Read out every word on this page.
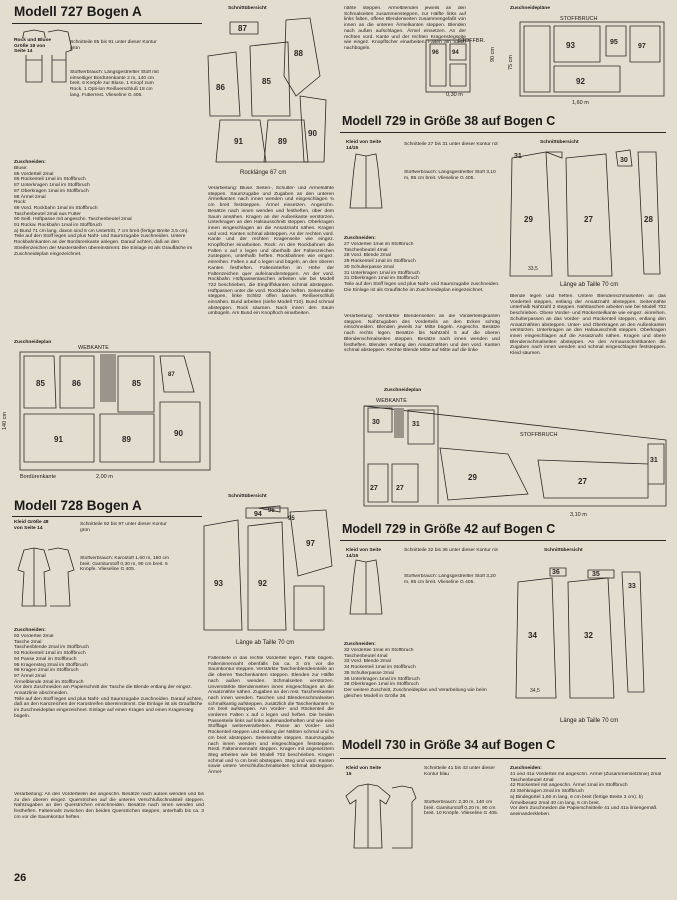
Modell 727 Bogen A
Rock und Bluse Größe 18 von Seite 14
Schnitteile 85 bis 91 unter dieser Kontur grün
Stoffverbrauch: Längsgestreifter Stoff mit einseitiger Bordürenkante 2 m, 140 cm breit. 6 Knöpfe zur Bluse, 1 Knopf zum Rock. 1 Opti-lon Reißverschluß 18 cm lang. Futterrest. Vlieseline G 405.
Zuschneiden:
Bluse:
85 Vorderteil 2mal
86 Rückenteil 1mal im Stoffbruch
87 Unterkragen 1mal im Stoffbruch
87 Oberkragen 1mal im Stoffbruch
88 Ärmel 2mal
Rock:
89 Vord. Rockbahn 1mal im Stoffbruch
Taschenbeutel 2mal aus Futter
90 Seitl. Hüftpasse mit angeschn. Taschenbeutel 2mal
91 Rückw. Rockbahn 1mal im Stoffbruch
a) Bund 71 cm lang, davon sind 5 cm Untertritt, 7 cm breit (fertige Breite 3,5 cm).
Teile auf den Stoff legen und plus Naht- und Saumzugabe zuschneiden. Untere Rockbahnkanten an der Bordürenkante anlegen. Darauf achten, daß an den Streifenzeichen der Mustersteifen übereinstimmt. Die Einlage ist als Graufläche im Zuschneideplan eingezeichnet.
Zuschneideplan
WEBKANTE
85	86	85
87
91	89
90
140 cm
Bordürenkante	2,00 m
Schnittübersicht
87
86
85
88
91	89
90
Rocklänge 67 cm
Verarbeitung: Bluse: Seiten-, Schulter- und Ärmelnähte steppen. Saumzugabe und Zugaben an den unteren Ärmelkanten nach innen wenden und eingeschlagen ¾ cm breit feststeppen. Ärmel einsetzen. Angeschn. Besätze nach innen wenden und festheften, über dem Saum annähen. Kragen an der Außenkante verstürzen. Unterkragen an den Halsausschnitt steppen. Oberkragen innen eingeschlagen an die Ansatznaht nähen. Kragen und vord. Kanten schmal absteppen. An der rechten vord. Kante und der rechten Kragenseite wie eingez. Knopflöcher einarbeiten. Rock: An den Rockbahnen die Falten x auf x legen und oberhalb der Faltenzeichen zusteppen, unterhalb heften. Rockbahnen wie eingez. einreihen. Falten x auf o legen und bügeln, an den oberen Kanten festheften. Falteninterfen im Höhe der Faltenzeichen quer aufeinandersteppen. An der vord. Rockbahn Hüftpassentaschen arbeiten wie bei Modell 722 beschrieben, die Eingriffskanten schmal absteppen. Hüftpassen unter die vord. Rockbahn heften. Seitennähte steppen, linke Schlitz offen lassen. Reißverschluß einnähen. Bund arbeiten (siehe Modell 710). Bund schmal absteppen. Rock säumen. Nach innen den Saum umbügeln. Am Bund ein Knopfloch einarbeiten.
Modell 728 Bogen A
Kleid Größe 48 von Seite 14
Schnitteile 92 bis 97 unter dieser Kontur grün
Stoffverbrauch: Karostoff 1,60 m, 150 cm breit. Garniturstoff 0,30 m, 90 cm breit. 6 Knöpfe. Vlieseline G 405.
Zuschneiden:
92 Vorderteil 2mal
Tasche 2mal
Taschenblende 2mal im Stoffbruch
93 Rückenteil 1mal im Stoffbruch
94 Passe 2mal im Stoffbruch
95 Kragensteg 2mal im Stoffbruch
96 Kragen 2mal im Stoffbruch
97 Ärmel 2mal
Ärmelblende 2mal im Stoffbruch
Vor dem Zuschneiden am Papierschnitt der Tasche die Blende entlang der eingez. Ansatzlinie abschneiden.
Teile auf den Stoff legen und plus Naht- und Saumzugabe zuschneiden. Darauf achten, daß an den Karozeichen der Karostreifen übereinstimmt. Die Einlage ist als Graufläche im Zuschneideplan eingezeichnet. Einlage auf einen Kragen und einen Kragensteg bügeln.
Verarbeitung: An den Vorderteilen die angeschn. Besätze nach außen wenden und bis zu den oberen eingez. Querstrichen auf die unteren Verschlußschnalsteil steppen. Nahtzugaben an den Querstrichen einschneiden. Besätze nach innen wenden und festheften. Faltennaht zwischen den beiden Querstrichen steppen, unterhalb bis ca. 3 cm vor die Saumkontur heften.
Schnittübersicht
93	92
94 96
95
97
Länge ab Taille 70 cm
Faltentiefe in das rechte Vorderteil legen. Falte bügeln. Falteninnennaht ebenfalls bis ca. 3 cm vor die Saumkontur steppen. Verstärkte Taschenblendennteile an die oberen Taschenkanten steppen. Blenden zur Hälfte nach außen wenden. Schmalseiten verstürzen. Unverstärkte Blendenseiten innen eingeschlagen an die Ansatznähte nähen. Zugaben an den rest. Taschenkanten nach innen wenden. Taschen und Blendenschmalseiten schmalkantig aufsteppen, zusätzlich die Taschenkanten ¾ cm breit aufsteppen. Am Vorder- und Rückenteil die vorderen Falten x auf o legen und heften. Die beiden Passenteile links auf links aufeinanderheften und wie eine Stofflage weiterverarbeiten. Passe an Vorder- und Rückenteil steppen und entlang der Nähten schmal und ¾ cm breit absteppen. Seitennähte steppen. Saumzugabe nach innen wenden und eingeschlagen feststeppen. Restl. Falteninnennaht steppen. Kragen mit angesetztem Steg arbeiten wie bei Modell 702 beschrieben. Kragen schmal und ¾ cm breit absteppen. Steg und vord. Kanten sowie untere Verschlußschmalseiten schmal absteppen. Ärmel-
26
nähte steppen. Ärmelblenden jeweils an den Schmalseiten zusammensteppen, zur Hälfte links auf links falten, offene Blendenseiten zusammengefaßt von innen an die unteren Ärmelkanten steppen. Blenden nach außen aufschlagen. Ärmel einsetzen. An der rechten vord. Kante und der rechten Kragenstegseite wie eingez. Knopflöcher einarbeiten. Falten am Saum nachbügeln.
96 94
STOFFBR.
0,30 m
Zuschneidepläne
STOFFBRUCH
93	95
97
92
75 cm
1,60 m
90 cm
Modell 729 in Größe 38 auf Bogen C
Kleid von Seite 14/15
Schnitteile 27 bis 31 unter dieser Kontur rot
Stoffverbrauch: Längsgestreifter Stoff 3,10 m, 85 cm breit. Vlieseline G 405.
Zuschneiden:
27 Vorderteil 1mal im Stoffbruch
Taschenbeutel 4mal
28 Vord. Blende 2mal
29 Rückenteil 1mal im Stoffbruch
30 Schulterpasse 2mal
31 Unterkragen 1mal im Stoffbruch
31 Oberkragen 1mal im Stoffbruch
Teile auf den Stoff legen und plus Naht- und Saumzugabe zuschneiden. Die Einlage ist als Graufläche im Zuschneideplan eingezeichnet.
Verarbeitung: Verstärkte Blendenseiten an die Vorderteilsgkanten steppen. Nahtzugaben des Vorderteils an den Ecken schräg einschneiden. Blenden jeweils zur Mitte bügeln. Angeschn. Besätze nach rechts legen. Besätze bis Nahtzahl 5 auf die oberen Blendenschmalseiten steppen. Besätze nach innen wenden und festheften. Blenden entlang den Ansatznähten und den vord. Kanten schmal absteppen. Rechte Blende Mitte auf Mitte auf die linke
Schnittübersicht
31
29	27
30
28
33,5
Länge ab Taille 70 cm
Blende legen und heften. Untere Blendenschmalseiten an das Vorderteil steppen, entlang der Ansatznaht absteppen. Seitennähte unterhalb Nahtzahl 2 steppen. Nahttaschen arbeiten wie bei Modell 702 beschrieben. Obere Vorder- und Rückenteilkante wie eingez. einreihen. Schulterpassen an das Vorder- und Rückenteil steppen, entlang den Ansatznähten absteppen. Unter- und Oberkragen an den Außenkanten verstürzen. Unterkragen an den Halsausschnitt steppen. Oberkragen innen eingeschlagen auf die Ansatznaht nähen. Kragen und obere Blendenschmalseiten absteppen. An den Armausschnittkanten die Zugaben nach innen wenden und schmal eingeschlagen feststeppen. Kleid säumen.
Zuschneideplan
WEBKANTE
30	31
27	27
29	27
31
STOFFBRUCH
3,10 m
Modell 729 in Größe 42 auf Bogen C
Kleid von Seite 14/15
Schnitteile 32 bis 36 unter dieser Kontur rot
Stoffverbrauch: Längsgestreifter Stoff 3,20 m, 85 cm breit. Vlieseline G 405.
Zuschneiden:
32 Vorderteil 1mal im Stoffbruch
Taschenbeutel 4mal
33 Vord. Blende 2mal
34 Rückenteil 1mal im Stoffbruch
35 Schulterpasse 2mal
36 Unterkragen 1mal im Stoffbruch
36 Oberkragen 1mal im Stoffbruch
Der weitere Zuschnitt, Zuschneideplan und Verarbeitung wie beim gleichen Modell in Größe 38.
Schnittübersicht
36	35
33
34	32
34,5
Länge ab Taille 70 cm
Modell 730 in Größe 34 auf Bogen C
Kleid von Seite 15
Schnitteile 41 bis 43 unter dieser Kontur blau
Stoffverbrauch: 2,30 m, 140 cm breit. Garniturstoff 0,20 m, 90 cm breit. 10 Knöpfe. Vlieseline G 405.
Zuschneiden:
41 und 41a Vorderteil mit angeschn. Ärmel (Zusammensetzlinie) 2mal
Taschenbeutel 4mal
42 Rückenteil mit angeschn. Ärmel 1mal im Stoffbruch
43 Stehkragen 2mal im Stoffbruch
a) Bindegürtel 1,60 m lang, 6 cm breit (fertige Breite 3 cm). b) Ärmelbesatz 2mal 40 cm lang, 6 cm breit.
Vor dem Zuschneiden die Papierschnitteile 41 und 41a liniengemäß aneinanderkleben.
